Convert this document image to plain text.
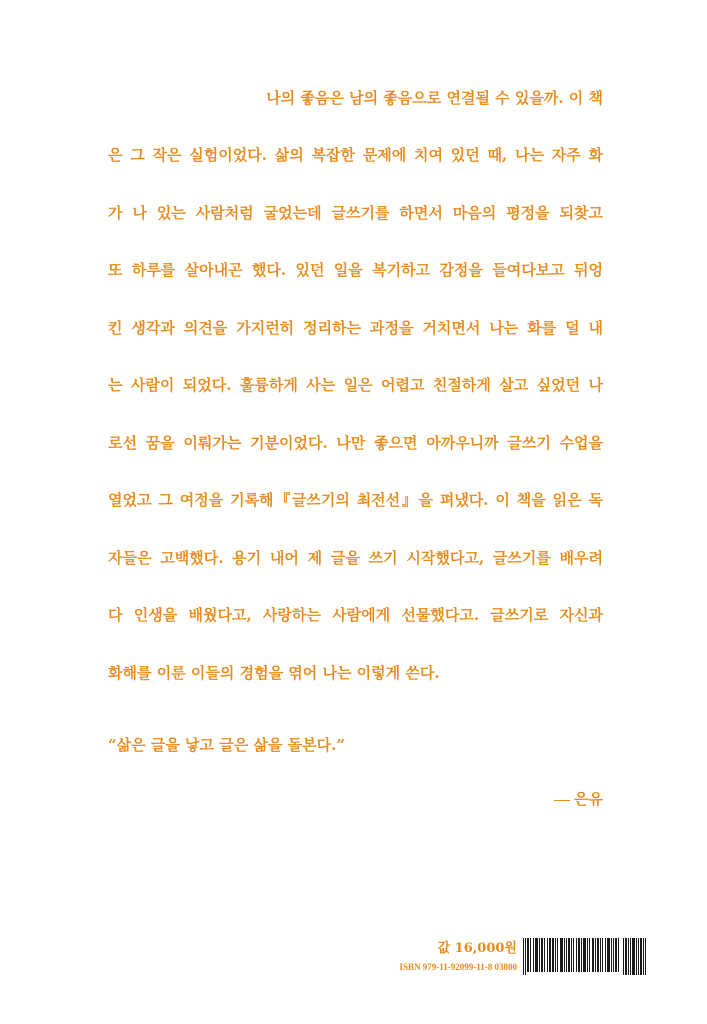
나의 좋음은 남의 좋음으로 연결될 수 있을까. 이 책
은 그 작은 실험이었다. 삶의 복잡한 문제에 치여 있던 때, 나는 자주 화
가 나 있는 사람처럼 굴었는데 글쓰기를 하면서 마음의 평정을 되찾고
또 하루를 살아내곤 했다. 있던 일을 복기하고 감정을 들여다보고 뒤엉
킨 생각과 의견을 가지런히 정리하는 과정을 거치면서 나는 화를 덜 내
는 사람이 되었다. 훌륭하게 사는 일은 어렵고 친절하게 살고 싶었던 나
로선 꿈을 이뤄가는 기분이었다. 나만 좋으면 아까우니까 글쓰기 수업을
열었고 그 여정을 기록해『글쓰기의 최전선』을 펴냈다. 이 책을 읽은 독
자들은 고백했다. 용기 내어 제 글을 쓰기 시작했다고, 글쓰기를 배우려
다 인생을 배웠다고, 사랑하는 사람에게 선물했다고. 글쓰기로 자신과
화해를 이룬 이들의 경험을 엮어 나는 이렇게 쓴다.
“삶은 글을 낳고 글은 삶을 돌본다.”
은유
값 16,000원
ISBN 979-11-92099-11-8 03800
